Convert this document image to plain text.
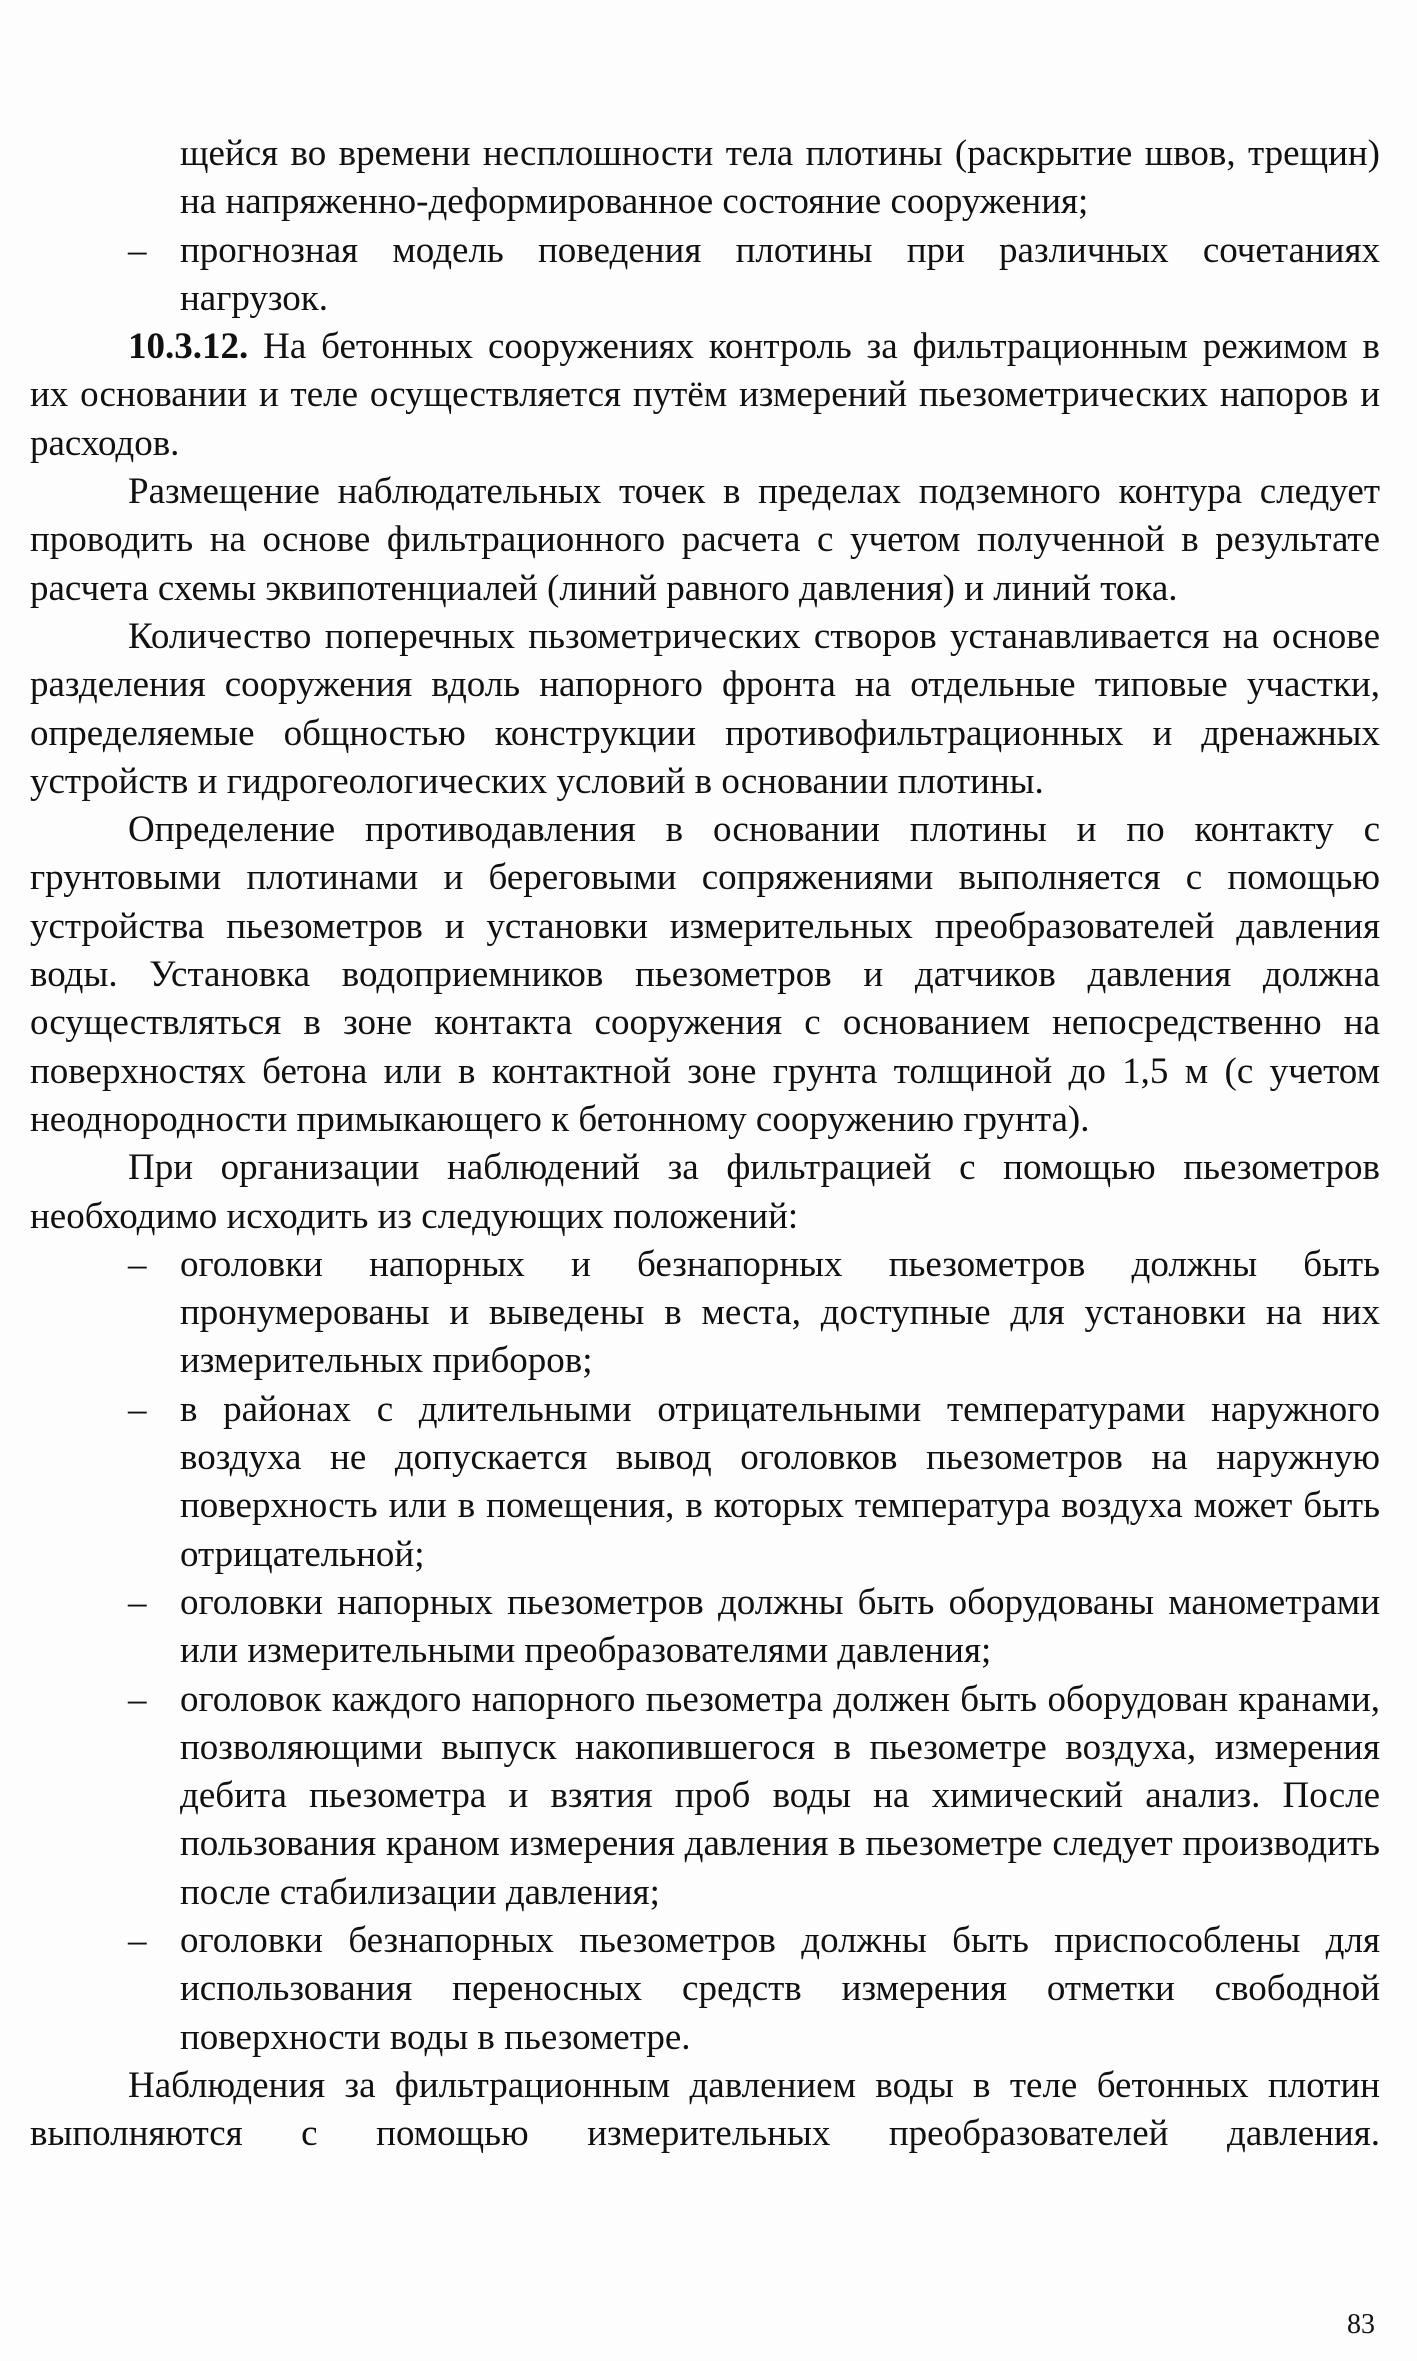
щейся во времени несплошности тела плотины (раскрытие швов, трещин) на напряженно-деформированное состояние сооружения;

– прогнозная модель поведения плотины при различных сочетаниях нагрузок.

10.3.12. На бетонных сооружениях контроль за фильтрационным режимом в их основании и теле осуществляется путём измерений пьезометрических напоров и расходов.

Размещение наблюдательных точек в пределах подземного контура следует проводить на основе фильтрационного расчета с учетом полученной в результате расчета схемы эквипотенциалей (линий равного давления) и линий тока.

Количество поперечных пьзометрических створов устанавливается на основе разделения сооружения вдоль напорного фронта на отдельные типовые участки, определяемые общностью конструкции противофильтрационных и дренажных устройств и гидрогеологических условий в основании плотины.

Определение противодавления в основании плотины и по контакту с грунтовыми плотинами и береговыми сопряжениями выполняется с помощью устройства пьезометров и установки измерительных преобразователей давления воды. Установка водоприемников пьезометров и датчиков давления должна осуществляться в зоне контакта сооружения с основанием непосредственно на поверхностях бетона или в контактной зоне грунта толщиной до 1,5 м (с учетом неоднородности примыкающего к бетонному сооружению грунта).

При организации наблюдений за фильтрацией с помощью пьезометров необходимо исходить из следующих положений:

– оголовки напорных и безнапорных пьезометров должны быть пронумерованы и выведены в места, доступные для установки на них измерительных приборов;

– в районах с длительными отрицательными температурами наружного воздуха не допускается вывод оголовков пьезометров на наружную поверхность или в помещения, в которых температура воздуха может быть отрицательной;

– оголовки напорных пьезометров должны быть оборудованы манометрами или измерительными преобразователями давления;

– оголовок каждого напорного пьезометра должен быть оборудован кранами, позволяющими выпуск накопившегося в пьезометре воздуха, измерения дебита пьезометра и взятия проб воды на химический анализ. После пользования краном измерения давления в пьезометре следует производить после стабилизации давления;

– оголовки безнапорных пьезометров должны быть приспособлены для использования переносных средств измерения отметки свободной поверхности воды в пьезометре.

Наблюдения за фильтрационным давлением воды в теле бетонных плотин выполняются с помощью измерительных преобразователей давления.

83
